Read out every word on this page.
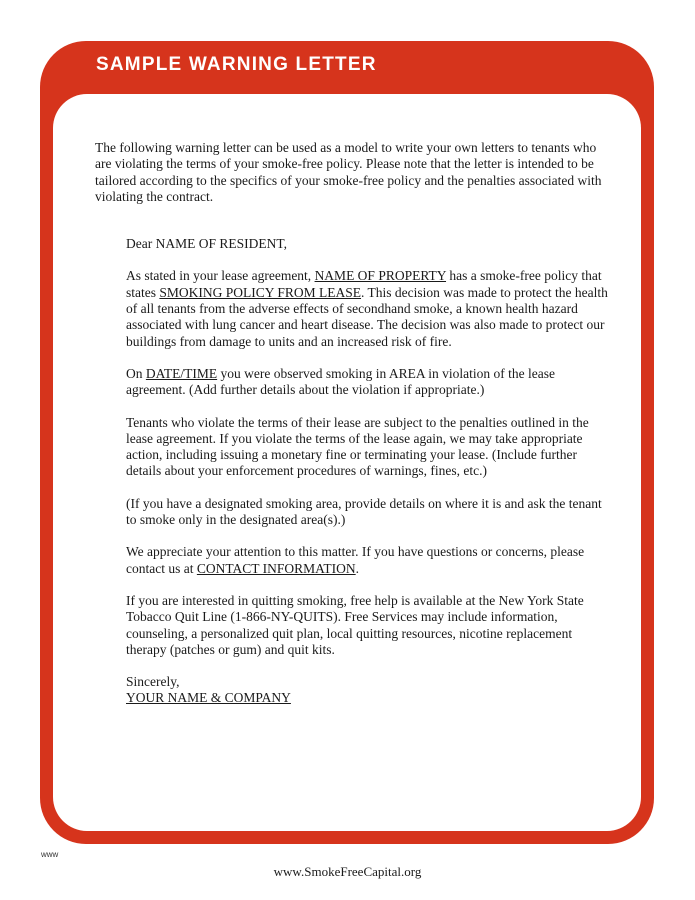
SAMPLE WARNING LETTER

The following warning letter can be used as a model to write your own letters to tenants who are violating the terms of your smoke-free policy. Please note that the letter is intended to be tailored according to the specifics of your smoke-free policy and the penalties associated with violating the contract.

Dear NAME OF RESIDENT,

As stated in your lease agreement, NAME OF PROPERTY has a smoke-free policy that states SMOKING POLICY FROM LEASE. This decision was made to protect the health of all tenants from the adverse effects of secondhand smoke, a known health hazard associated with lung cancer and heart disease. The decision was also made to protect our buildings from damage to units and an increased risk of fire.

On DATE/TIME you were observed smoking in AREA in violation of the lease agreement. (Add further details about the violation if appropriate.)

Tenants who violate the terms of their lease are subject to the penalties outlined in the lease agreement. If you violate the terms of the lease again, we may take appropriate action, including issuing a monetary fine or terminating your lease. (Include further details about your enforcement procedures of warnings, fines, etc.)

(If you have a designated smoking area, provide details on where it is and ask the tenant to smoke only in the designated area(s).)

We appreciate your attention to this matter. If you have questions or concerns, please contact us at CONTACT INFORMATION.

If you are interested in quitting smoking, free help is available at the New York State Tobacco Quit Line (1-866-NY-QUITS). Free Services may include information, counseling, a personalized quit plan, local quitting resources, nicotine replacement therapy (patches or gum) and quit kits.

Sincerely,

YOUR NAME & COMPANY

www
www.SmokeFreeCapital.org
